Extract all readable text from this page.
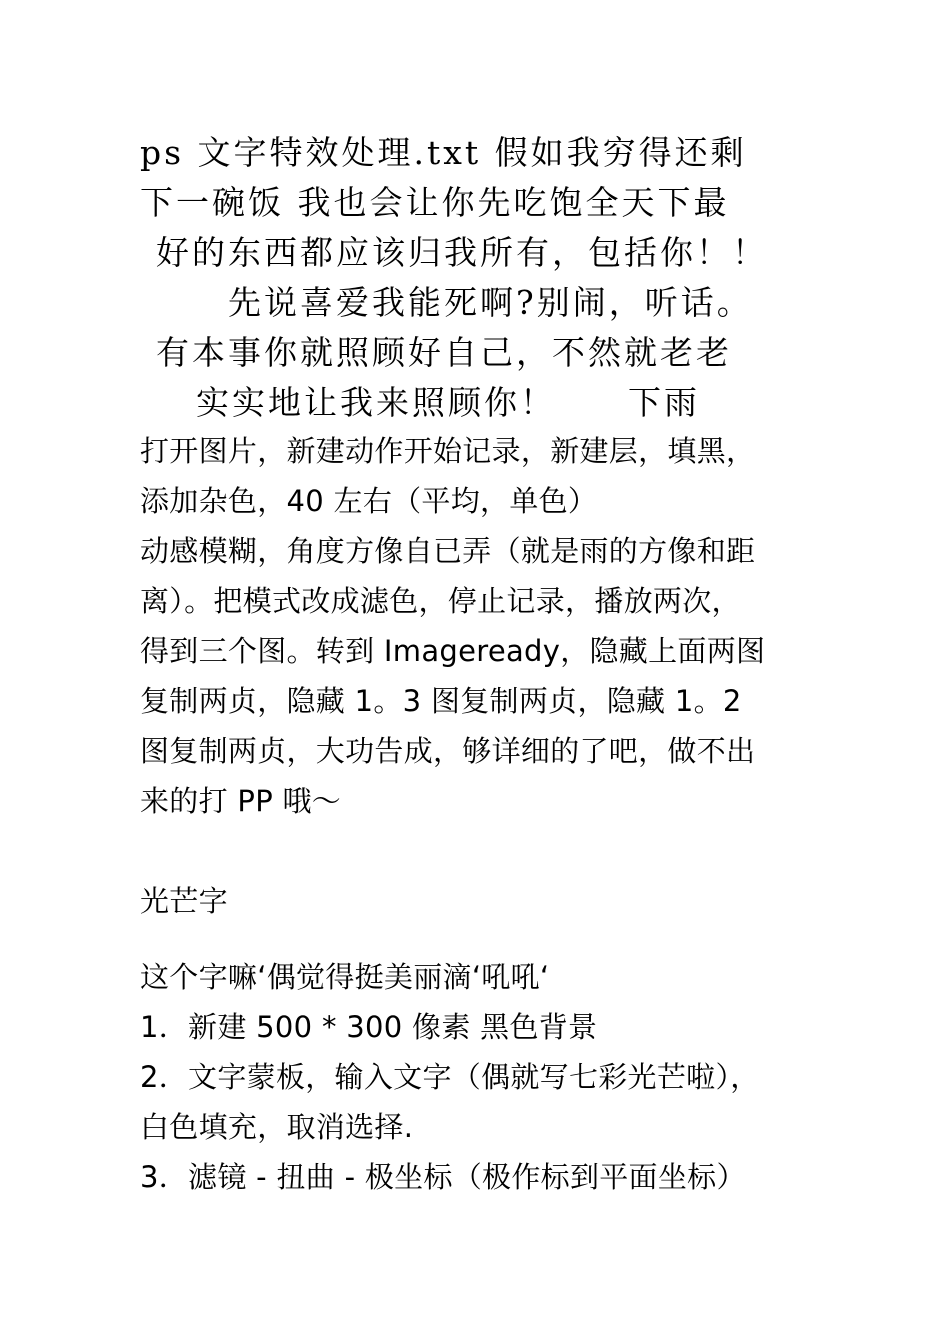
ps 文字特效处理.txt 假如我穷得还剩
下一碗饭 我也会让你先吃饱全天下最
好的东西都应该归我所有，包括你！！
先说喜爱我能死啊?别闹，听话。
有本事你就照顾好自己，不然就老老
实实地让我来照顾你！　　下雨
打开图片，新建动作开始记录，新建层，填黑，
添加杂色，40 左右（平均，单色）
动感模糊，角度方像自已弄（就是雨的方像和距
离）。把模式改成滤色，停止记录，播放两次，
得到三个图。转到 Imageready，隐藏上面两图
复制两贞，隐藏 1。3 图复制两贞，隐藏 1。2
图复制两贞，大功告成，够详细的了吧，做不出
来的打 PP 哦～
光芒字
这个字嘛‘偶觉得挺美丽滴‘吼吼‘
1．新建 500 * 300 像素 黑色背景
2．文字蒙板，输入文字（偶就写七彩光芒啦），
白色填充，取消选择.
3．滤镜 - 扭曲 - 极坐标（极作标到平面坐标）
